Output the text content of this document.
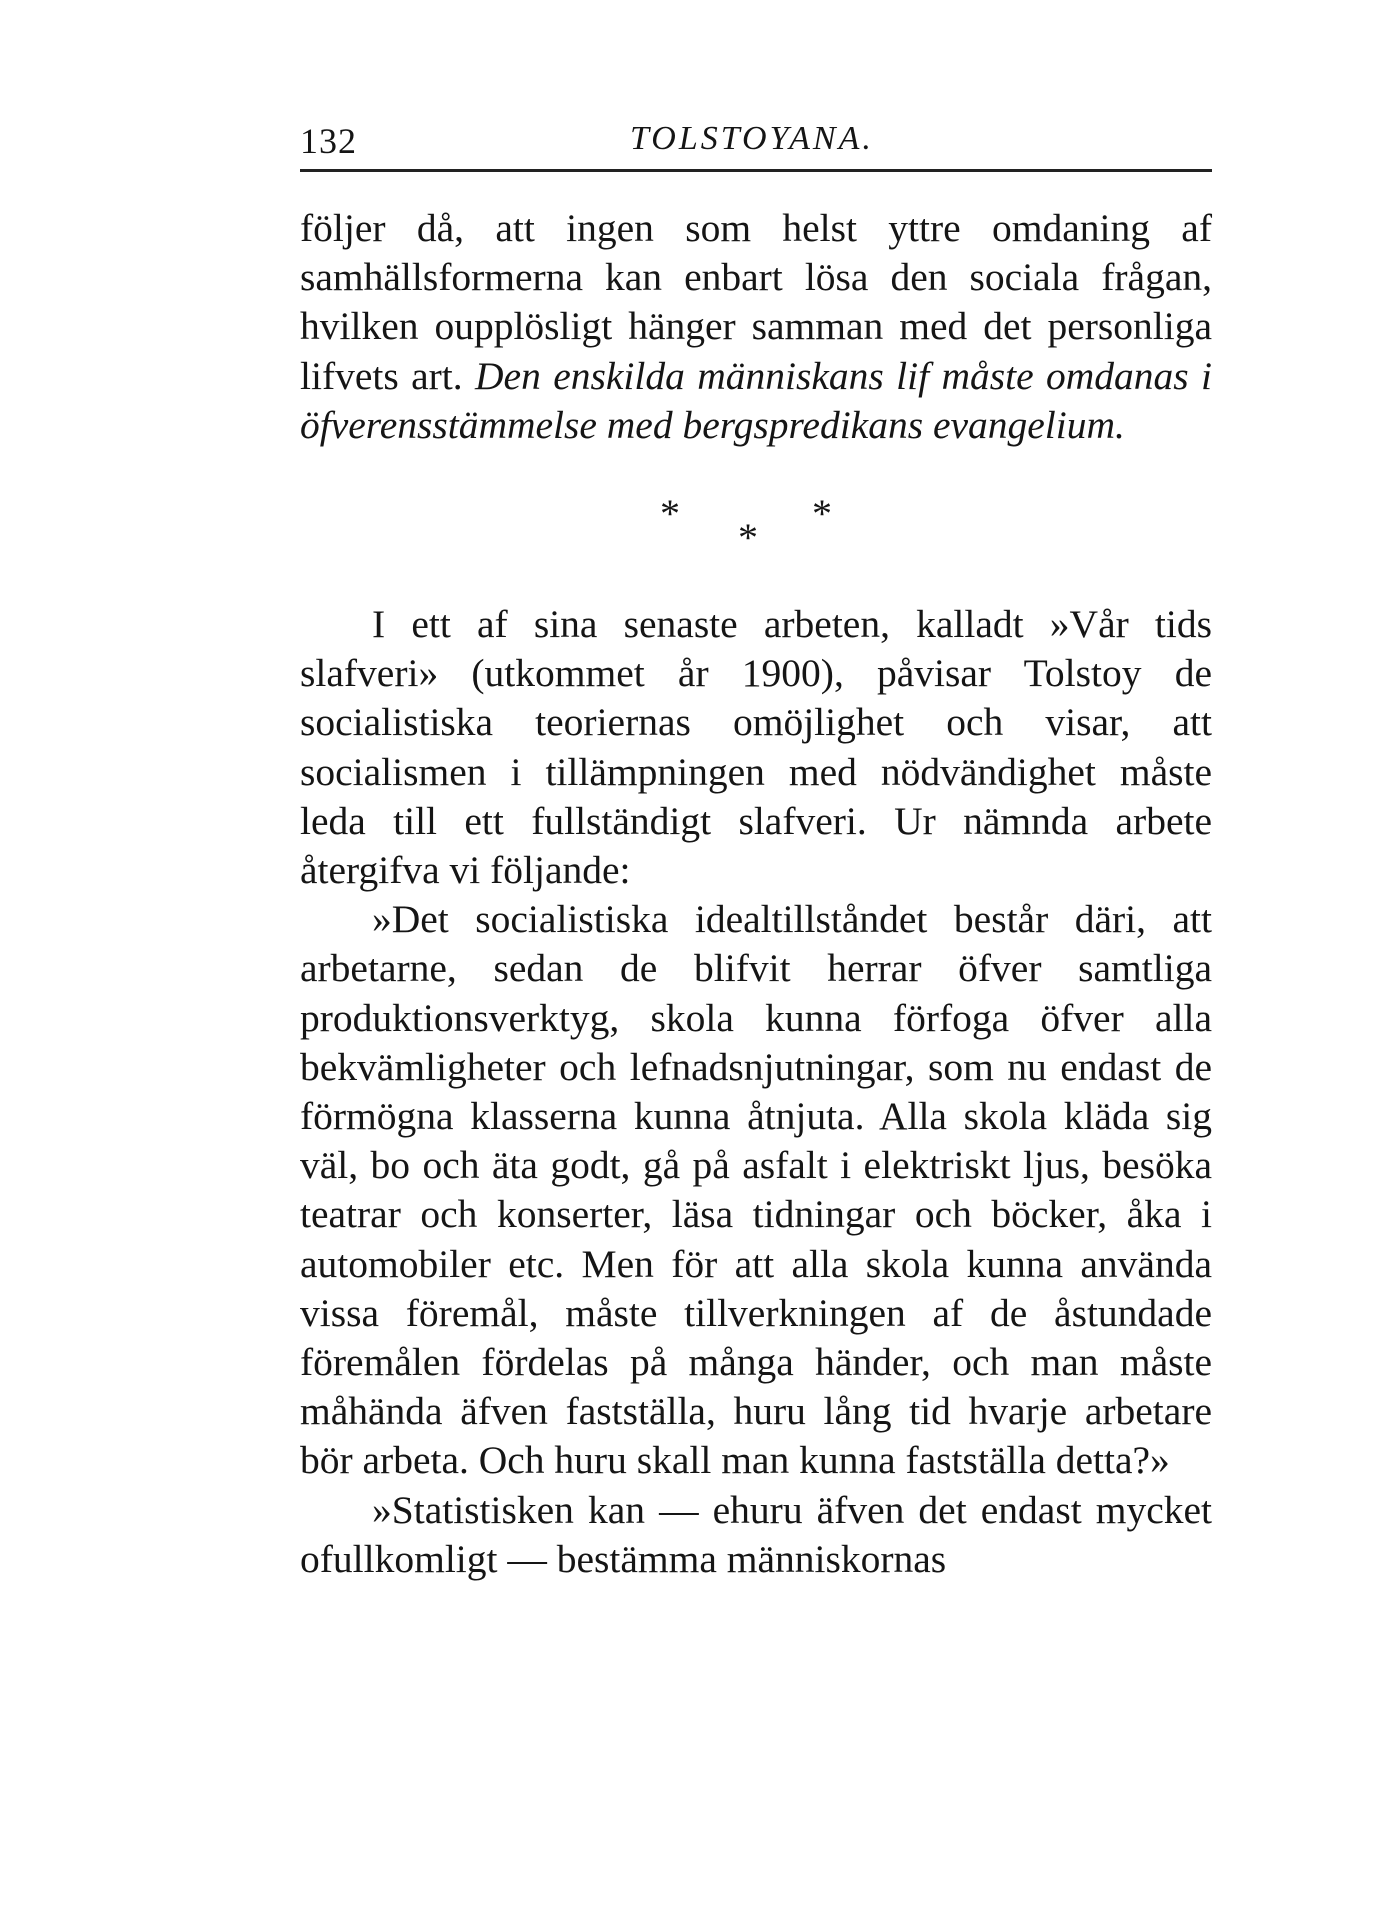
132	TOLSTOYANA.

följer då, att ingen som helst yttre omdaning af samhällsformerna kan enbart lösa den sociala frågan, hvilken oupplösligt hänger samman med det personliga lifvets art. Den enskilda människans lif måste omdanas i öfverensstämmelse med bergspredikans evangelium.

*
*
*

I ett af sina senaste arbeten, kalladt »Vår tids slafveri» (utkommet år 1900), påvisar Tolstoy de socialistiska teoriernas omöjlighet och visar, att socialismen i tillämpningen med nödvändighet måste leda till ett fullständigt slafveri. Ur nämnda arbete återgifva vi följande:

»Det socialistiska idealtillståndet består däri, att arbetarne, sedan de blifvit herrar öfver samtliga produktionsverktyg, skola kunna förfoga öfver alla bekvämligheter och lefnadsnjutningar, som nu endast de förmögna klasserna kunna åtnjuta. Alla skola kläda sig väl, bo och äta godt, gå på asfalt i elektriskt ljus, besöka teatrar och konserter, läsa tidningar och böcker, åka i automobiler etc. Men för att alla skola kunna använda vissa föremål, måste tillverkningen af de åstundade föremålen fördelas på många händer, och man måste måhända äfven fastställa, huru lång tid hvarje arbetare bör arbeta. Och huru skall man kunna fastställa detta?»

»Statistisken kan — ehuru äfven det endast mycket ofullkomligt — bestämma människornas
